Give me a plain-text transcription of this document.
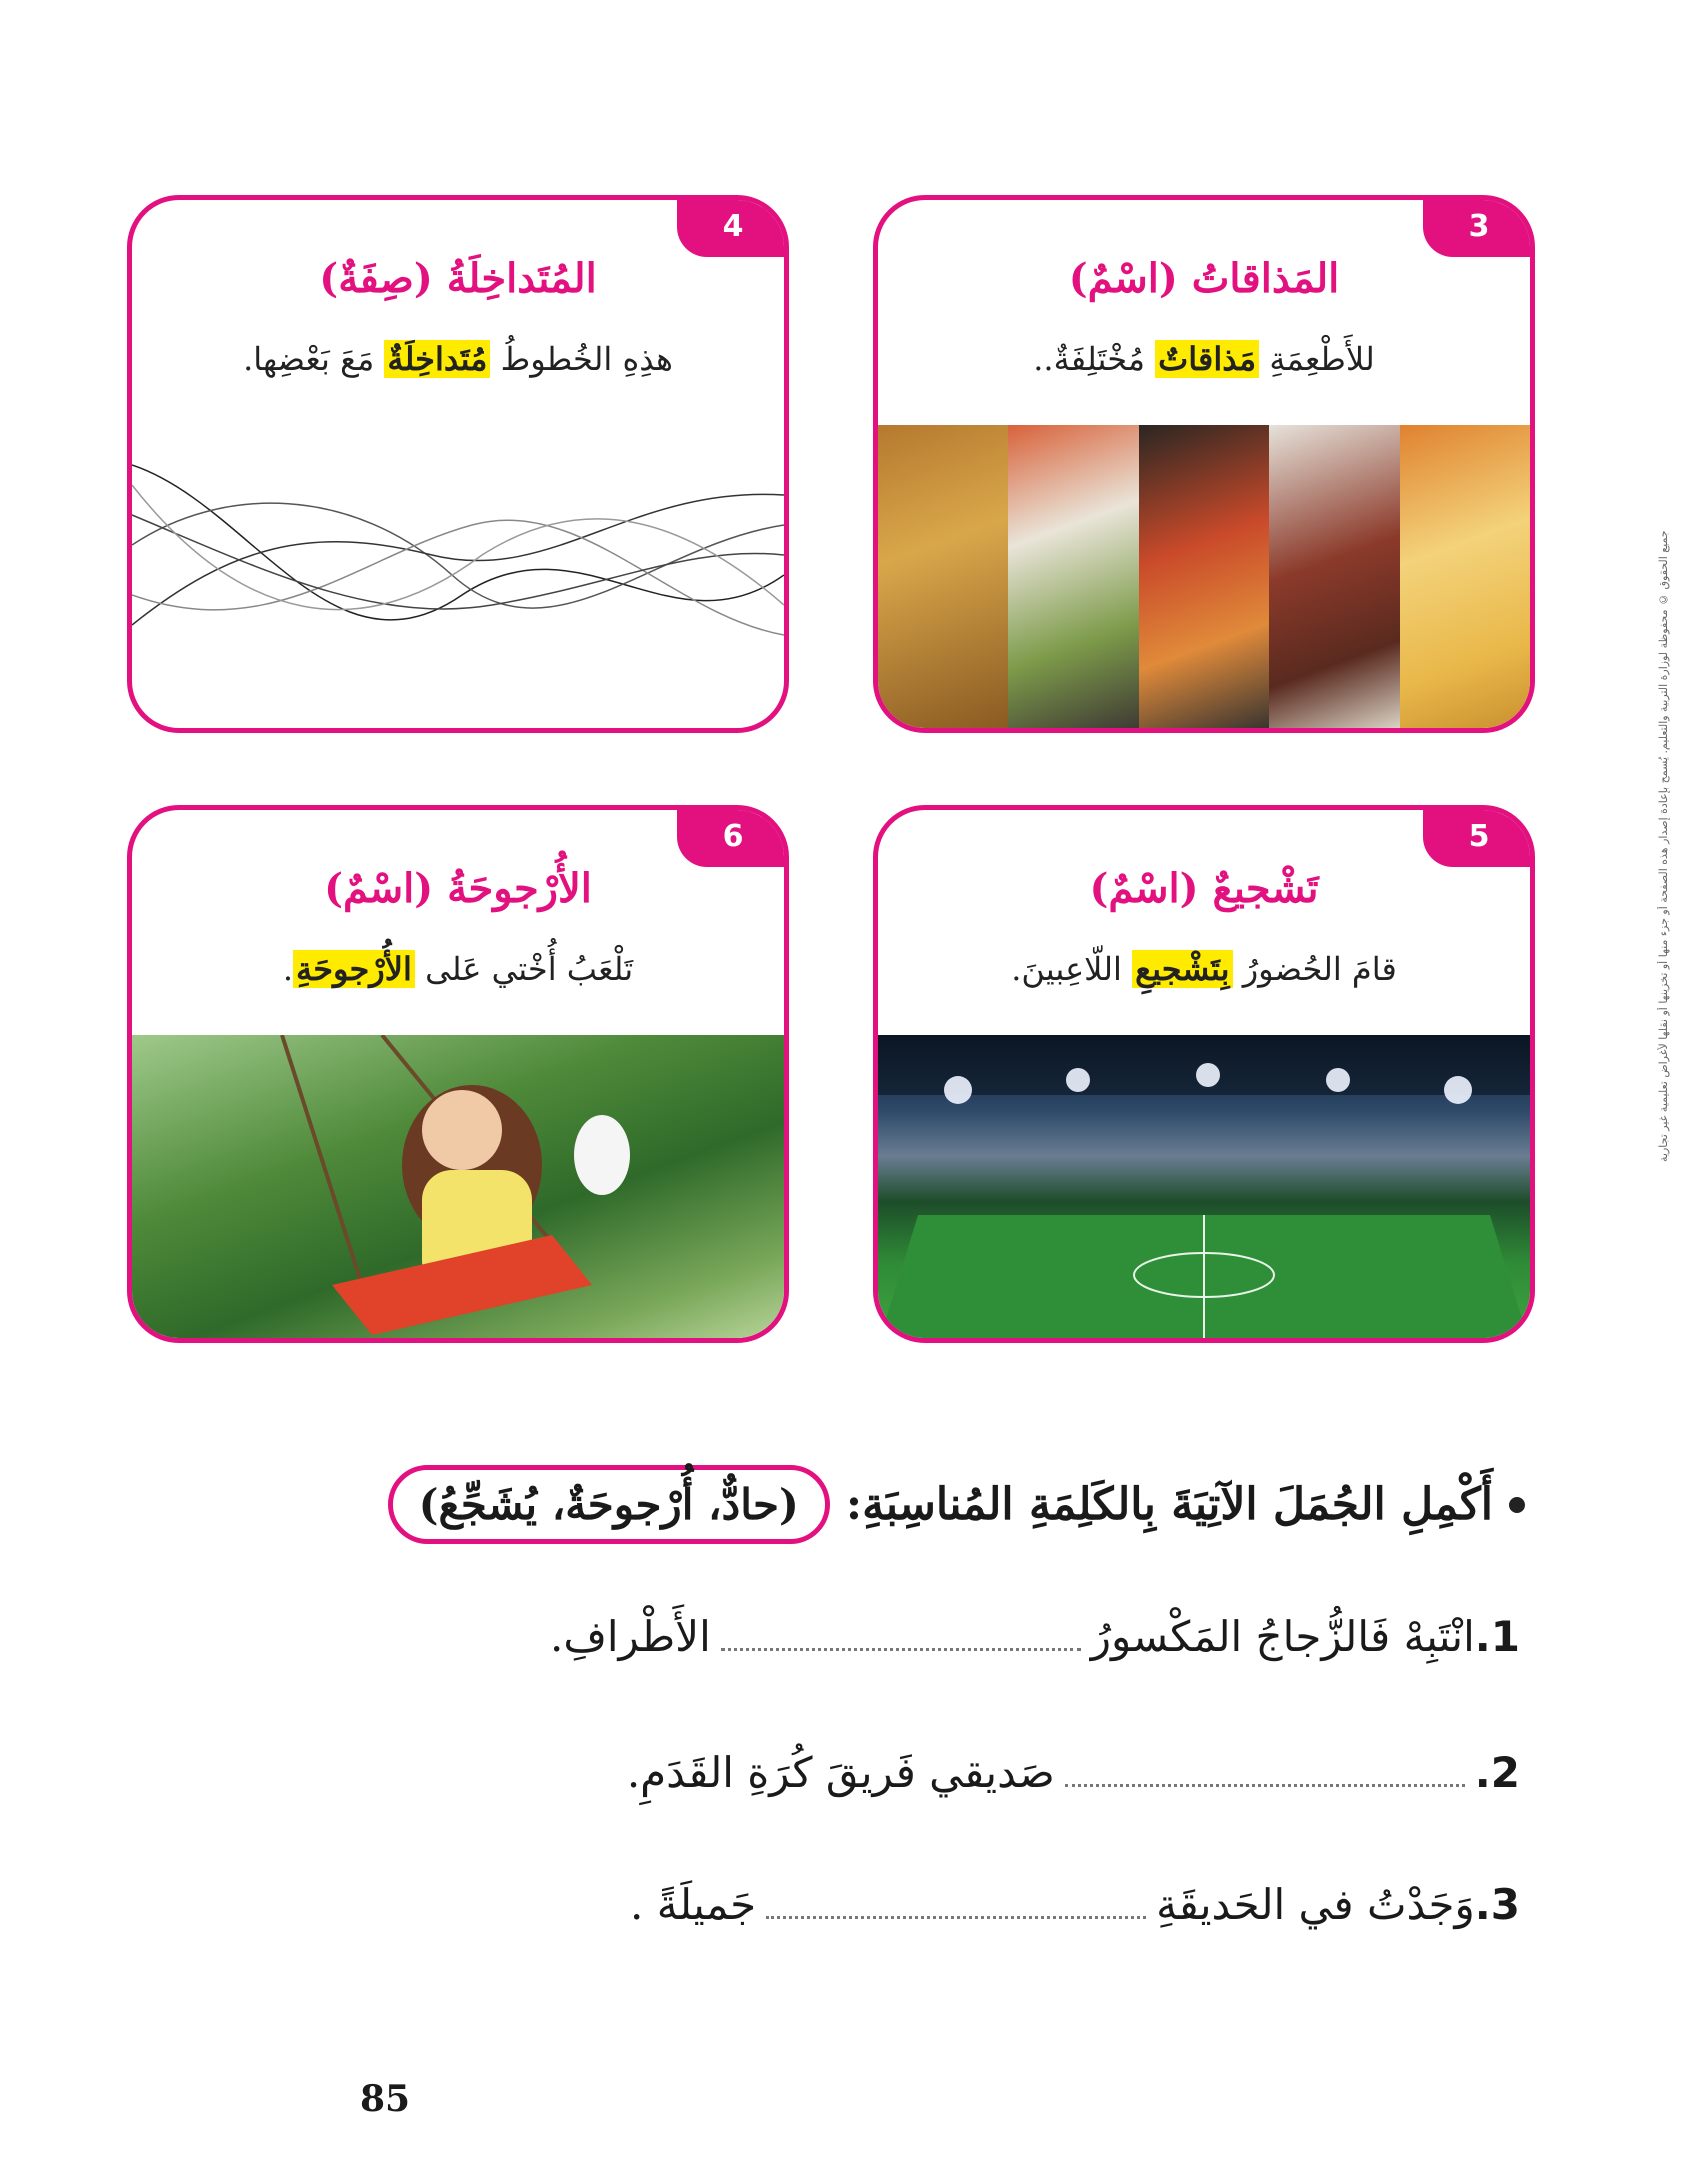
3
المَذاقاتُ (اسْمٌ)
للأَطْعِمَةِ مَذاقاتٌ مُخْتَلِفَةٌ..
4
المُتَداخِلَةُ (صِفَةٌ)
هذِهِ الخُطوطُ مُتَداخِلَةٌ مَعَ بَعْضِها.
5
تَشْجيعٌ (اسْمٌ)
قامَ الحُضورُ بِتَشْجيعِ اللّاعِبينَ.
6
الأُرْجوحَةُ (اسْمٌ)
تَلْعَبُ أُخْتي عَلى الأُرْجوحَةِ.	جميع الحقوق © محفوظة لوزارة التربية والتعليم. يُسمح بإعادة إصدار هذه الصفحة أو جزء منها أو تخزينها أو نقلها لأغراض تعليمية غير تجارية
أَكْمِلِ الجُمَلَ الآتِيَةَ بِالكَلِمَةِ المُناسِبَةِ:
(حادٌّ، أُرْجوحَةٌ، يُشَجِّعُ)
1.انْتَبِهْ فَالزُّجاجُ المَكْسورُالأَطْرافِ.
2.صَديقي فَريقَ كُرَةِ القَدَمِ.
3.وَجَدْتُ في الحَديقَةِجَميلَةً .
85
